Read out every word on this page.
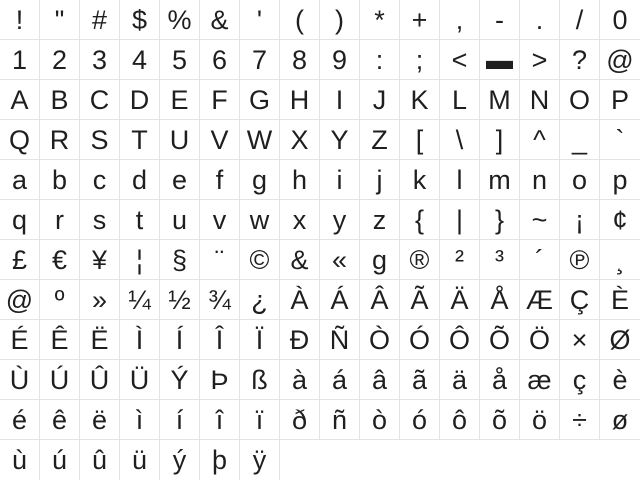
!	"	# $ % &	'	(	)	* +	,	-	.	/	0
1 2 3 4 5 6 7 8 9	:	;	< ▬ > ? @
A B C D E F G H I	J K L M N O P
Q R S T U V W X Y Z	[	\	]	^ _	`
a b c d e	f	g h	i	j	k	l m n o p
q	r	s	t	u v w x y z	{	|	}	~	¡	¢
£ € ¥	¦	§	¨ © & « g ® ²	³	´ ℗ ¸
@ º	» ¼ ½ ¾ ¿ À Á Â Ã Ä Å Æ Ç È
É Ê Ë	Ì	Í	Î	Ï Ð Ñ Ò Ó Ô Õ Ö × Ø
Ù Ú Û Ü Ý Þ ß à á â ã ä å æ ç è
é ê ë	ì	í	î	ï	ð ñ ò ó ô õ ö ÷ ø
ù ú û ü ý þ ÿ
